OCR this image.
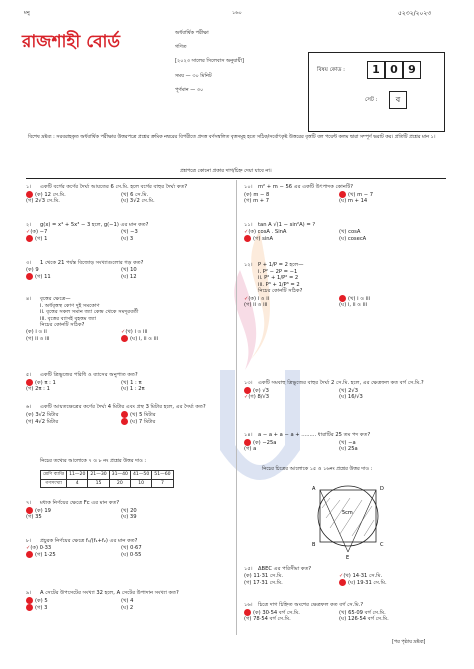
মনু	১৬০	৫২৩২/২০২৩
রাজশাহী বোর্ড	অর্ধবার্ষিক পরীক্ষা
গণিত
[২০২৩ সালের সিলেবাস অনুযায়ী]
সময় — ৩০ মিনিট
পূর্ণমান — ৩০
বিষয় কোড :	1 0 9
সেট :	ব
বিশেষ দ্রষ্টব্য : সরবরাহকৃত অর্ধবার্ষিক পরীক্ষার উত্তরপত্রে প্রশ্নের ক্রমিক নম্বরের বিপরীতে প্রদত্ত বর্ণসম্বলিত বৃত্তসমূহ হতে সঠিক/সর্বোৎকৃষ্ট উত্তরের বৃত্তটি বল পয়েন্ট কলম দ্বারা সম্পূর্ণ ভরাট কর। প্রতিটি প্রশ্নের মান ১।
প্রশ্নপত্রে কোনো প্রকার দাগ/চিহ্ন দেয়া যাবে না।
১। একটি বর্গের কর্ণের দৈর্ঘ্য আয়তের 6 সে.মি. হলে বর্গের বাহুর দৈর্ঘ্য কত?
(ক) 12 সে.মি.	(খ) 6 সে.মি.
(গ) 2√3 সে.মি.	(ঘ) 3√2 সে.মি.
২। g(x) = x⁴ + 5x³ − 3 হলে, g(−1) এর মান কত?
✓(ক) −7	(খ) −3
(গ) 1	(ঘ) 3
৩। 1 থেকে 21 পর্যন্ত বিজোড় সংখ্যাগুলোর গড় কত?
(ক) 9	(খ) 10
(গ) 11	(ঘ) 12
৪। বৃত্তের ক্ষেত্রে—

i. অর্ধবৃত্তস্থ কোণ দুই সমকোণ
ii. বৃত্তের সকল সমান জ্যা কেন্দ্র থেকে সমদূরবর্তী
iii. বৃত্তের ব্যাসই বৃহত্তম জ্যা
নিচের কোনটি সঠিক?
(ক) i ও ii	✓(খ) i ও iii
(গ) ii ও iii	(ঘ) i, ii ও iii
৫। একটি ত্রিভুজের পরিধি ও ব্যাসের অনুপাত কত?
(ক) π : 1	(খ) 1 : π
(গ) 2π : 1	(ঘ) 1 : 2π
৬। একটি আয়তক্ষেত্রের কর্ণের দৈর্ঘ্য 4 মিটার এবং প্রস্থ 3 মিটার হলে, এর দৈর্ঘ্য কত?
(ক) 3√2 মিটার	(খ) 5 মিটার
(গ) 4√2 মিটার	(ঘ) 7 মিটার
নিচের তথ্যের আলোকে ৭ ও ৮ নং প্রশ্নের উত্তর দাও :
শ্রেণি ব্যাপ্তি	11—20	21—30	31—40	41—50	51—60
গণসংখ্যা	4	15	20	10	7
৭। মধ্যক নির্ণয়ের ক্ষেত্রে Fc এর মান কত?
(ক) 19	(খ) 20
(গ) 35	(ঘ) 39
৮। প্রচুরক নির্ণয়ের ক্ষেত্রে f₁/(f₁+f₂) এর মান কত?
✓(ক) 0·33	(খ) 0·67
(গ) 1·25	(ঘ) 0·55
৯। A সেটের উপসেটের সংখ্যা 32 হলে, A সেটের উপাদান সংখ্যা কত?
(ক) 5	(খ) 4
(গ) 3	(ঘ) 2
১০। m² + m − 56 এর একটি উৎপাদক কোনটি?
(ক) m − 8	(খ) m − 7
(গ) m + 7	(ঘ) m + 14
১১। tan A √(1 − sin²A) = ?
✓(ক) cosA . SinA	(খ) cosA
(গ) sinA	(ঘ) cosecA
১২। P + 1/P = 2 হলে—

i. P² − 2P = −1
ii. P² + 1/P² = 2
iii. P³ + 1/P³ = 2
নিচের কোনটি সঠিক?
✓(ক) i ও ii	(খ) i ও iii
(গ) ii ও iii	(ঘ) i, ii ও iii
১৩। একটি সমবাহু ত্রিভুজের বাহুর দৈর্ঘ্য 2 সে.মি. হলে, এর ক্ষেত্রফল কত বর্গ সে.মি.?
(ক) √3	(খ) 2√3
✓(গ) 8/√3	(ঘ) 16/√3
১৪। a − a + a − a + ......... ধারাটির 25 তম পদ কত?
(ক) −25a	(খ) −a
(গ) a	(ঘ) 25a
নিচের চিত্রের আলোকে ১৫ ও ১৬নং প্রশ্নের উত্তর দাও :
5cm
A
B	C
D
E
১৫। ΔBEC এর পরিসীমা কত?
(ক) 11·31 সে.মি.	✓(খ) 14·31 সে.মি.
(গ) 17·31 সে.মি.	(ঘ) 19·31 সে.মি.
১৬। চিত্রে দাগ চিহ্নিত অংশের ক্ষেত্রফল কত বর্গ সে.মি.?
(ক) 30·54 বর্গ সে.মি.	(খ) 65·09 বর্গ সে.মি.
(গ) 78·54 বর্গ সে.মি.	(ঘ) 126·54 বর্গ সে.মি.
[পর পৃষ্ঠায় দ্রষ্টব্য]
